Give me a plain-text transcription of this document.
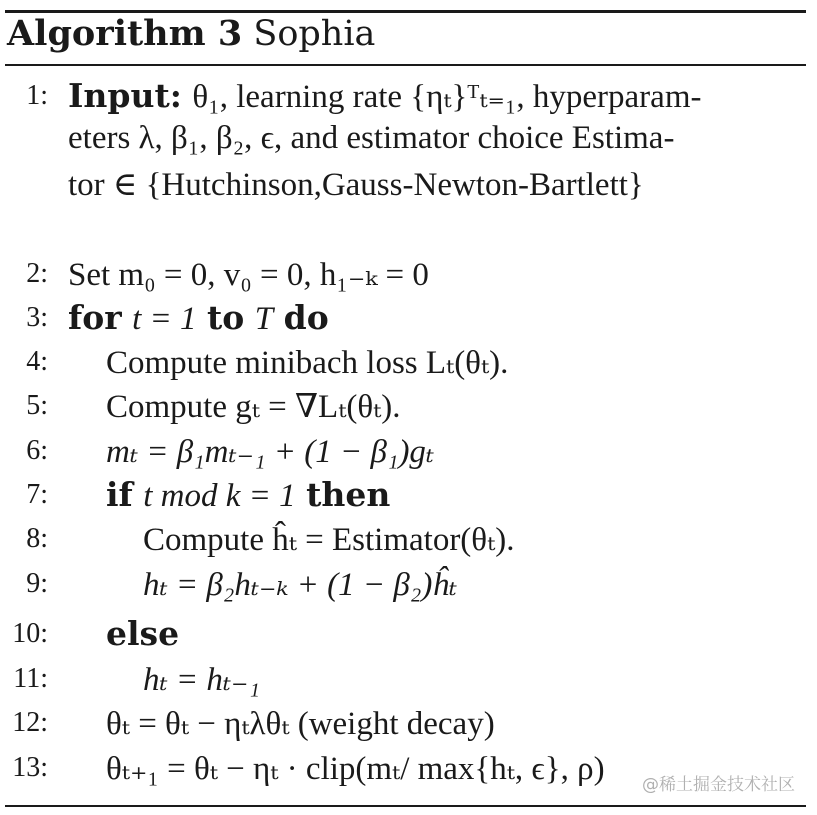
Algorithm 3 Sophia
1: Input: θ₁, learning rate {ηₜ}ᵀₜ₌₁, hyperparam-
eters λ, β₁, β₂, ϵ, and estimator choice Estima-
tor ∈ {Hutchinson,Gauss-Newton-Bartlett}
2: Set m₀ = 0, v₀ = 0, h₁₋ₖ = 0
3: for t = 1 to T do
4: Compute minibach loss Lₜ(θₜ).
5: Compute gₜ = ∇Lₜ(θₜ).
6: mₜ = β₁mₜ₋₁ + (1 − β₁)gₜ
7: if t mod k = 1 then
8:	Compute ĥₜ = Estimator(θₜ).
9:	hₜ = β₂hₜ₋ₖ + (1 − β₂)ĥₜ
10: else
11:	hₜ = hₜ₋₁
12: θₜ = θₜ − ηₜλθₜ (weight decay)
13: θₜ₊₁ = θₜ − ηₜ · clip(mₜ/ max{hₜ, ϵ}, ρ) @稀土掘金技术社区
